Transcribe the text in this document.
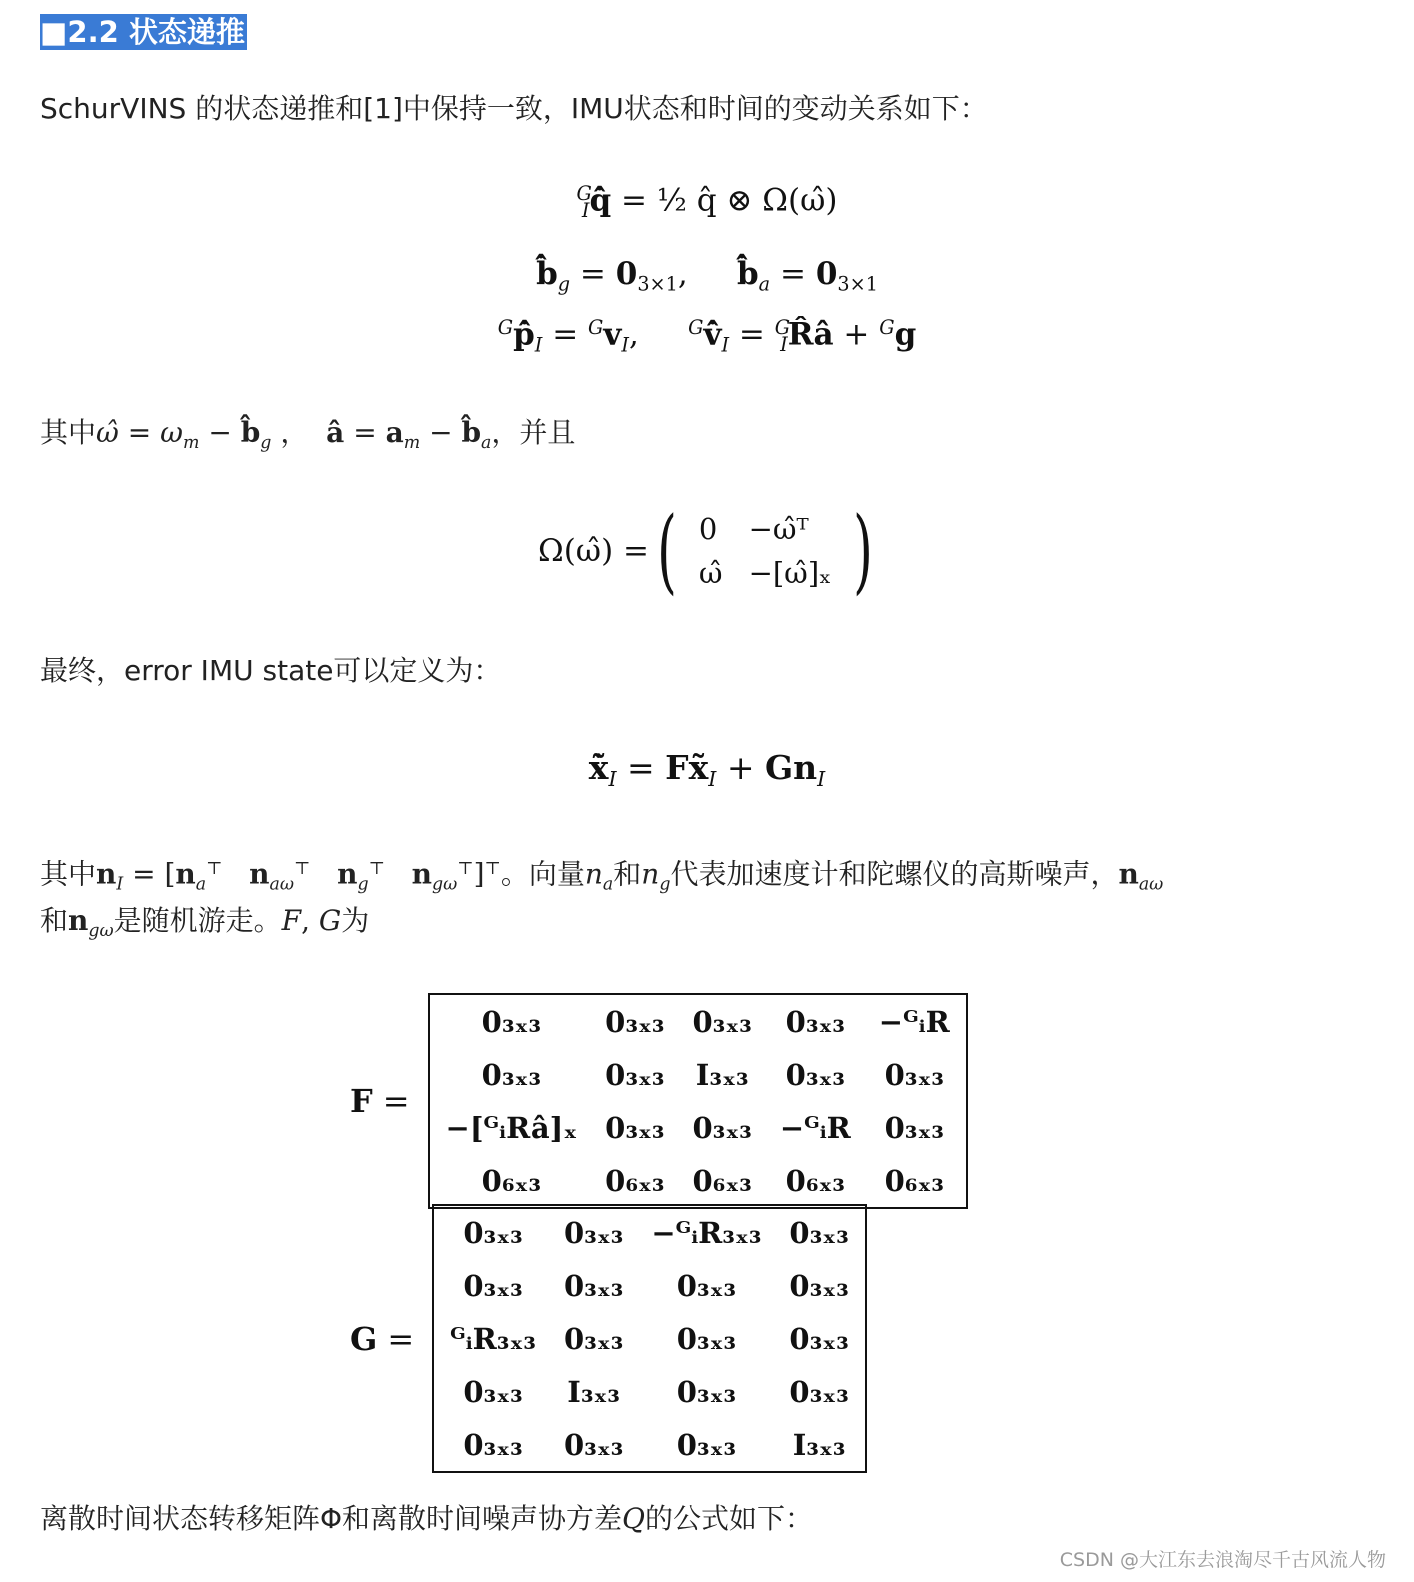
■2.2 状态递推
SchurVINS 的状态递推和[1]中保持一致，IMU状态和时间的变动关系如下：
$^G_I$q̂̇ = ½ q̂ ⊗ Ω(ω̂)
$b̂̇_g = 0_{3\times 1}$,     $b̂̇_a = 0_{3\times 1}$
$^Gp̂̇_I = ^Gv_I$,     $^Gv̂̇_I$ = $^G_I$R̂â + $^G$g
其中ω̂ = $\omega_m$ − $b̂_g$ ， â = $a_m$ − $b̂_a$，并且
Ω(ω̂) = ( 0	−ω̂ᵀ
ω̂	−[ω̂]ₓ )
最终，error IMU state可以定义为：
$x̃̇_I$ = $Fx̃_I + Gn_I$
其中$n_I = [n_a^⊤$ $n_{a\omega}^⊤$ $n_g^⊤$ $n_{g\omega}^⊤]^⊤$。向量$n_a$和$n_g$代表加速度计和陀螺仪的高斯噪声，$n_{a\omega}$
和$n_{g\omega}$是随机游走。F, G为
F =
0₃ₓ₃	0₃ₓ₃	0₃ₓ₃	0₃ₓ₃	−ᴳᵢR
0₃ₓ₃	0₃ₓ₃	I₃ₓ₃	0₃ₓ₃	0₃ₓ₃
−[ᴳᵢRâ]ₓ	0₃ₓ₃	0₃ₓ₃	−ᴳᵢR	0₃ₓ₃
0₆ₓ₃	0₆ₓ₃	0₆ₓ₃	0₆ₓ₃	0₆ₓ₃
G =
0₃ₓ₃	0₃ₓ₃	−ᴳᵢR₃ₓ₃	0₃ₓ₃
0₃ₓ₃	0₃ₓ₃	0₃ₓ₃	0₃ₓ₃
ᴳᵢR₃ₓ₃	0₃ₓ₃	0₃ₓ₃	0₃ₓ₃
0₃ₓ₃	I₃ₓ₃	0₃ₓ₃	0₃ₓ₃
0₃ₓ₃	0₃ₓ₃	0₃ₓ₃	I₃ₓ₃
离散时间状态转移矩阵Φ和离散时间噪声协方差Q的公式如下：
CSDN @大江东去浪淘尽千古风流人物
